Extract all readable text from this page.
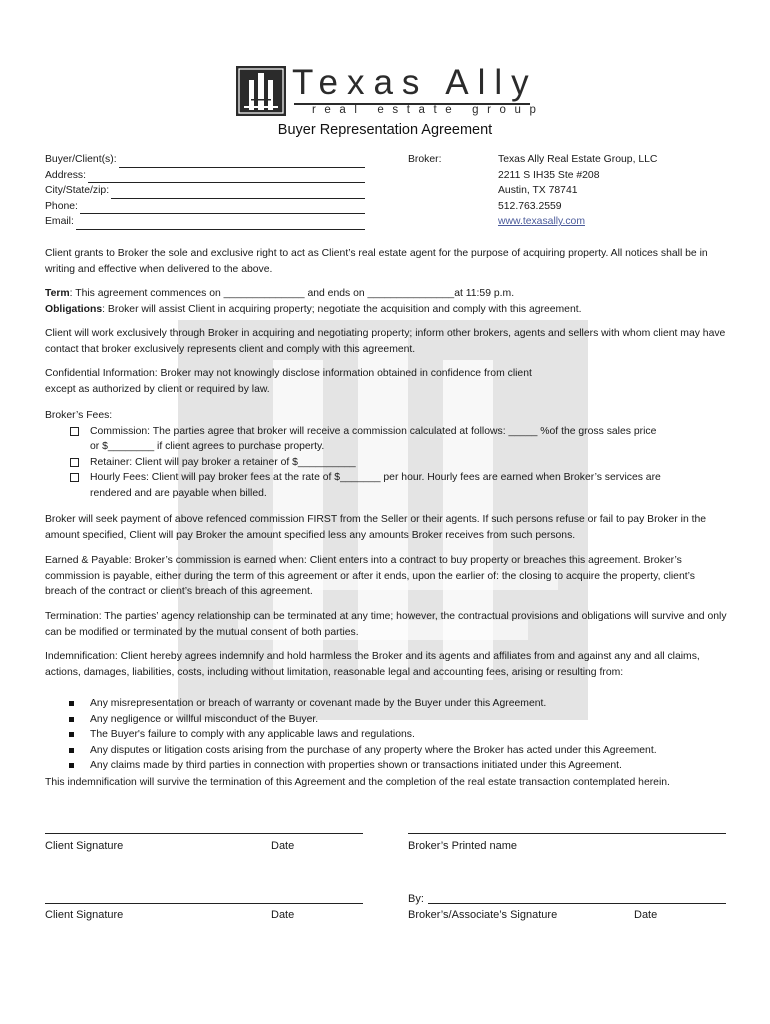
Texas Ally
real estate group
Buyer Representation Agreement
Buyer/Client(s):
Address:
City/State/zip:
Phone:
Email:
Broker:	Texas Ally Real Estate Group, LLC
2211 S IH35 Ste #208
Austin, TX 78741
512.763.2559
www.texasally.com
Client grants to Broker the sole and exclusive right to act as Client’s real estate agent for the purpose of acquiring property. All notices shall be in writing and effective when delivered to the above.
Term: This agreement commences on ______________ and ends on _______________at 11:59 p.m.
Obligations: Broker will assist Client in acquiring property; negotiate the acquisition and comply with this agreement.
Client will work exclusively through Broker in acquiring and negotiating property; inform other brokers, agents and sellers with whom client may have contact that broker exclusively represents client and comply with this agreement.
Confidential Information: Broker may not knowingly disclose information obtained in confidence from client
except as authorized by client or required by law.
Broker’s Fees:
Commission: The parties agree that broker will receive a commission calculated at follows: _____ %of the gross sales price
or $________ if client agrees to purchase property.
Retainer: Client will pay broker a retainer of $__________
Hourly Fees: Client will pay broker fees at the rate of $_______ per hour. Hourly fees are earned when Broker’s services are
rendered and are payable when billed.
Broker will seek payment of above refenced commission FIRST from the Seller or their agents. If such persons refuse or fail to pay Broker in the amount specified, Client will pay Broker the amount specified less any amounts Broker receives from such persons.
Earned & Payable: Broker’s commission is earned when: Client enters into a contract to buy property or breaches this agreement. Broker’s commission is payable, either during the term of this agreement or after it ends, upon the earlier of: the closing to acquire the property, client’s breach of the contract or client’s breach of this agreement.
Termination: The parties’ agency relationship can be terminated at any time; however, the contractual provisions and obligations will survive and only can be modified or terminated by the mutual consent of both parties.
Indemnification: Client hereby agrees indemnify and hold harmless the Broker and its agents and affiliates from and against any and all claims, actions, damages, liabilities, costs, including without limitation, reasonable legal and accounting fees, arising or resulting from:
Any misrepresentation or breach of warranty or covenant made by the Buyer under this Agreement.
Any negligence or willful misconduct of the Buyer.
The Buyer's failure to comply with any applicable laws and regulations.
Any disputes or litigation costs arising from the purchase of any property where the Broker has acted under this Agreement.
Any claims made by third parties in connection with properties shown or transactions initiated under this Agreement.
This indemnification will survive the termination of this Agreement and the completion of the real estate transaction contemplated herein.
Client Signature	Date	Broker’s Printed name
Client Signature	Date
By:
Broker’s/Associate’s Signature	Date
